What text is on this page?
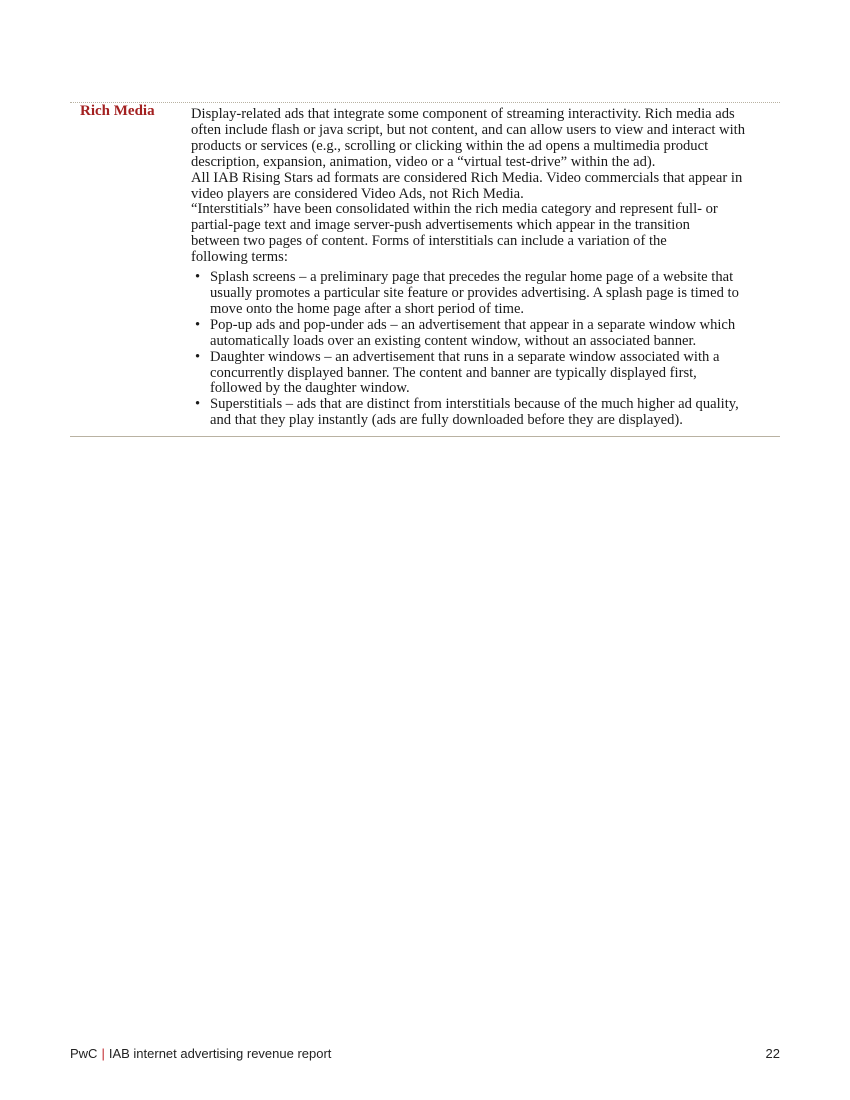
Rich Media Display-related ads that integrate some component of streaming interactivity. Rich media ads
often include flash or java script, but not content, and can allow users to view and interact with
products or services (e.g., scrolling or clicking within the ad opens a multimedia product
description, expansion, animation, video or a “virtual test-drive” within the ad).
All IAB Rising Stars ad formats are considered Rich Media. Video commercials that appear in
video players are considered Video Ads, not Rich Media.
“Interstitials” have been consolidated within the rich media category and represent full- or
partial-page text and image server-push advertisements which appear in the transition
between two pages of content. Forms of interstitials can include a variation of the
following terms:
• Splash screens – a preliminary page that precedes the regular home page of a website that
usually promotes a particular site feature or provides advertising. A splash page is timed to
move onto the home page after a short period of time.
• Pop-up ads and pop-under ads – an advertisement that appear in a separate window which
automatically loads over an existing content window, without an associated banner.
• Daughter windows – an advertisement that runs in a separate window associated with a
concurrently displayed banner. The content and banner are typically displayed first,
followed by the daughter window.
• Superstitials – ads that are distinct from interstitials because of the much higher ad quality,
and that they play instantly (ads are fully downloaded before they are displayed).
PwC | IAB internet advertising revenue report	22
